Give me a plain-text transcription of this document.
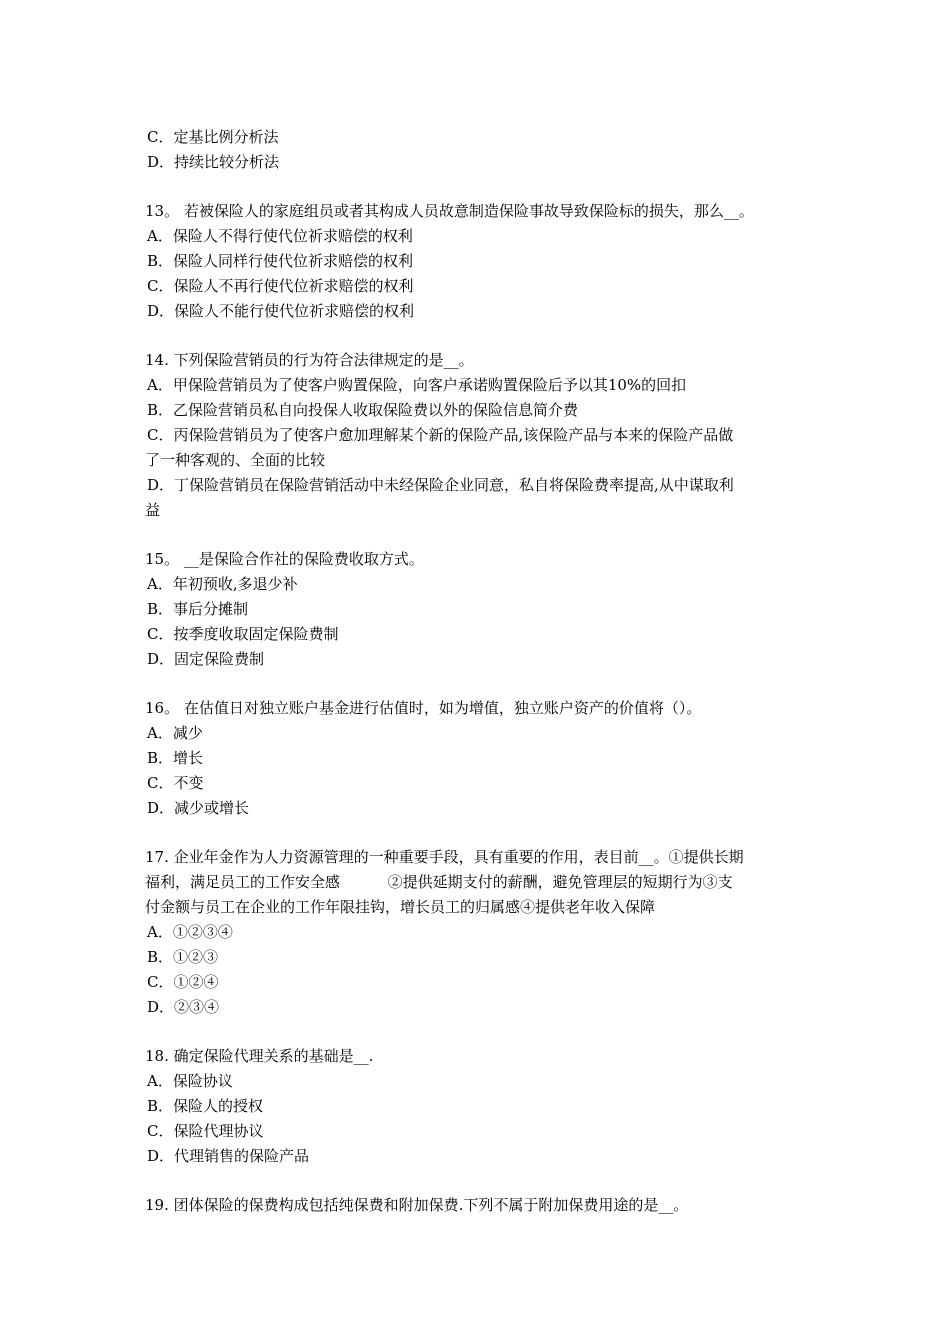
C．定基比例分析法

D．持续比较分析法

13。 若被保险人的家庭组员或者其构成人员故意制造保险事故导致保险标的损失，那么__。

A．保险人不得行使代位祈求赔偿的权利

B．保险人同样行使代位祈求赔偿的权利

C．保险人不再行使代位祈求赔偿的权利

D．保险人不能行使代位祈求赔偿的权利

14. 下列保险营销员的行为符合法律规定的是__。

A．甲保险营销员为了使客户购置保险，向客户承诺购置保险后予以其10%的回扣

B．乙保险营销员私自向投保人收取保险费以外的保险信息简介费

C．丙保险营销员为了使客户愈加理解某个新的保险产品,该保险产品与本来的保险产品做

了一种客观的、全面的比较

D．丁保险营销员在保险营销活动中未经保险企业同意，私自将保险费率提高,从中谋取利

益

15。 __是保险合作社的保险费收取方式。

A．年初预收,多退少补

B．事后分摊制

C．按季度收取固定保险费制

D．固定保险费制

16。 在估值日对独立账户基金进行估值时，如为增值，独立账户资产的价值将（）。

A．减少

B．增长

C．不变

D．减少或增长

17. 企业年金作为人力资源管理的一种重要手段，具有重要的作用，表目前__。①提供长期

福利，满足员工的工作安全感          ②提供延期支付的薪酬，避免管理层的短期行为③支

付金额与员工在企业的工作年限挂钩，增长员工的归属感④提供老年收入保障

A．①②③④

B．①②③

C．①②④

D．②③④

18. 确定保险代理关系的基础是__.

A．保险协议

B．保险人的授权

C．保险代理协议

D．代理销售的保险产品

19. 团体保险的保费构成包括纯保费和附加保费.下列不属于附加保费用途的是__。
